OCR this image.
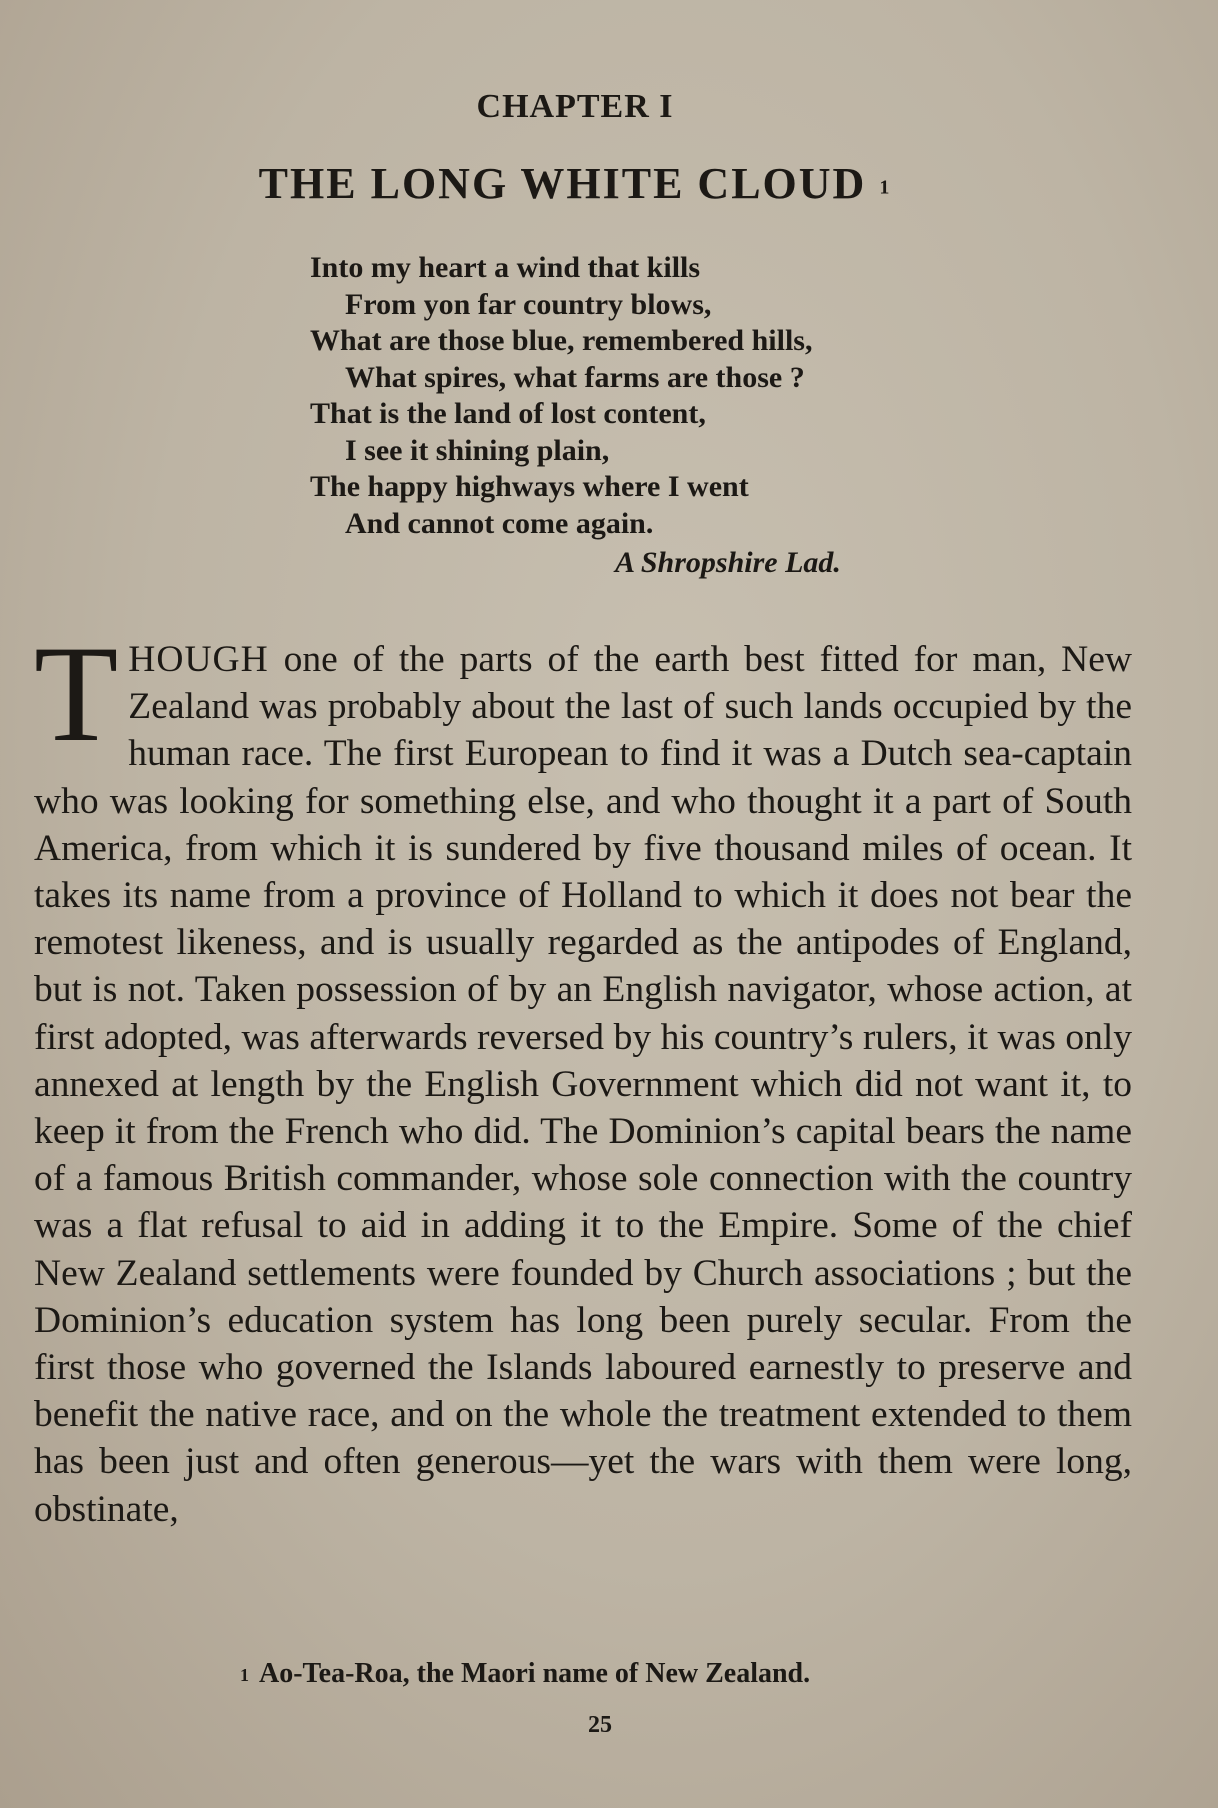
CHAPTER I
THE LONG WHITE CLOUD 1
Into my heart a wind that kills
From yon far country blows,
What are those blue, remembered hills,
What spires, what farms are those ?
That is the land of lost content,
I see it shining plain,
The happy highways where I went
And cannot come again.
A Shropshire Lad.
THOUGH one of the parts of the earth best fitted for man, New Zealand was probably about the last of such lands occupied by the human race. The first European to find it was a Dutch sea-captain who was looking for something else, and who thought it a part of South America, from which it is sundered by five thousand miles of ocean. It takes its name from a province of Holland to which it does not bear the remotest likeness, and is usually regarded as the antipodes of England, but is not. Taken possession of by an English navigator, whose action, at first adopted, was afterwards reversed by his country’s rulers, it was only annexed at length by the English Government which did not want it, to keep it from the French who did. The Dominion’s capital bears the name of a famous British commander, whose sole connection with the country was a flat refusal to aid in adding it to the Empire. Some of the chief New Zealand settlements were founded by Church associations ; but the Dominion’s education system has long been purely secular. From the first those who governed the Islands laboured earnestly to preserve and benefit the native race, and on the whole the treatment extended to them has been just and often generous—yet the wars with them were long, obstinate,
1 Ao-Tea-Roa, the Maori name of New Zealand.
25
